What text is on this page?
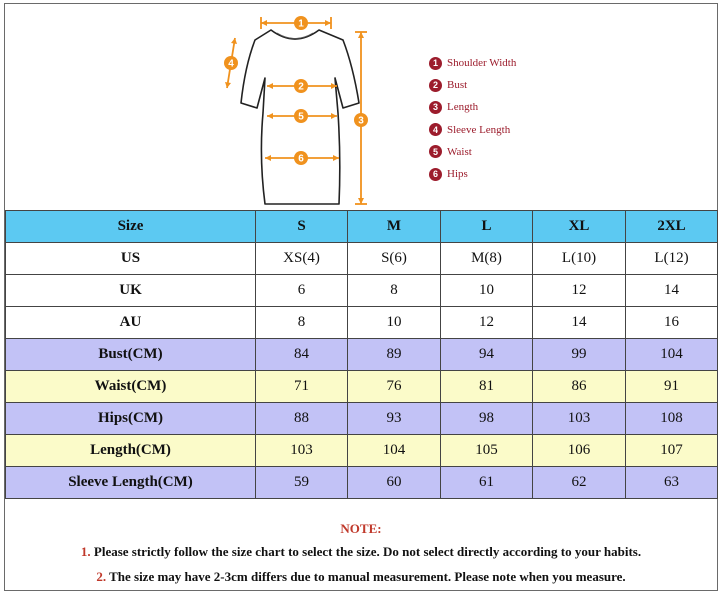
1
2
3
4
5
6
1 Shoulder Width
2 Bust
3 Length
4 Sleeve Length
5 Waist
6 Hips
Size	S	M	L	XL	2XL
US	XS(4)	S(6)	M(8)	L(10)	L(12)
UK	6	8	10	12	14
AU	8	10	12	14	16
Bust(CM)	84	89	94	99	104
Waist(CM)	71	76	81	86	91
Hips(CM)	88	93	98	103	108
Length(CM)	103	104	105	106	107
Sleeve Length(CM)	59	60	61	62	63
NOTE:
1. Please strictly follow the size chart to select the size. Do not select directly according to your habits.
2. The size may have 2-3cm differs due to manual measurement. Please note when you measure.
